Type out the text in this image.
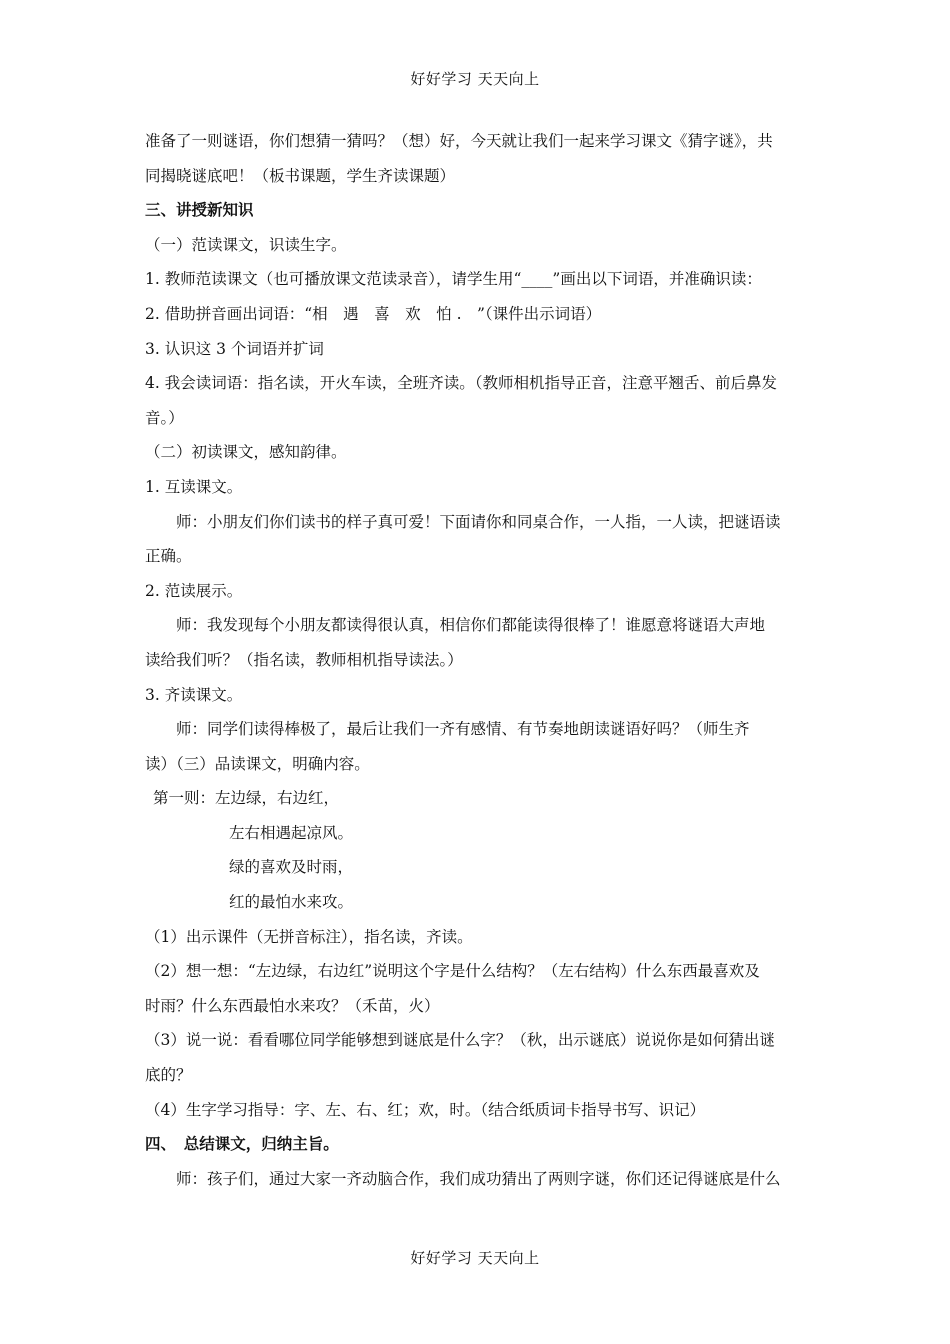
好好学习 天天向上

准备了一则谜语，你们想猜一猜吗？（想）好，今天就让我们一起来学习课文《猜字谜》，共

同揭晓谜底吧！（板书课题，学生齐读课题）

三、讲授新知识

（一）范读课文，识读生字。

1. 教师范读课文（也可播放课文范读录音），请学生用“____”画出以下词语，并准确识读：

2. 借助拼音画出词语：“相　遇　喜　欢　怕 .　”（课件出示词语）

3. 认识这 3 个词语并扩词

4. 我会读词语：指名读，开火车读，全班齐读。（教师相机指导正音，注意平翘舌、前后鼻发

音。）

（二）初读课文，感知韵律。

1. 互读课文。

师：小朋友们你们读书的样子真可爱！下面请你和同桌合作，一人指，一人读，把谜语读

正确。

2. 范读展示。

师：我发现每个小朋友都读得很认真，相信你们都能读得很棒了！谁愿意将谜语大声地

读给我们听？（指名读，教师相机指导读法。）

3. 齐读课文。

师：同学们读得棒极了，最后让我们一齐有感情、有节奏地朗读谜语好吗？（师生齐

读）（三）品读课文，明确内容。

第一则：左边绿，右边红，

左右相遇起凉风。

绿的喜欢及时雨，

红的最怕水来攻。

（1）出示课件（无拼音标注），指名读，齐读。

（2）想一想：“左边绿，右边红”说明这个字是什么结构？（左右结构）什么东西最喜欢及

时雨？什么东西最怕水来攻？（禾苗，火）

（3）说一说：看看哪位同学能够想到谜底是什么字？（秋，出示谜底）说说你是如何猜出谜

底的？

（4）生字学习指导：字、左、右、红；欢，时。（结合纸质词卡指导书写、识记）

四、　总结课文，归纳主旨。

师：孩子们，通过大家一齐动脑合作，我们成功猜出了两则字谜，你们还记得谜底是什么

好好学习 天天向上
